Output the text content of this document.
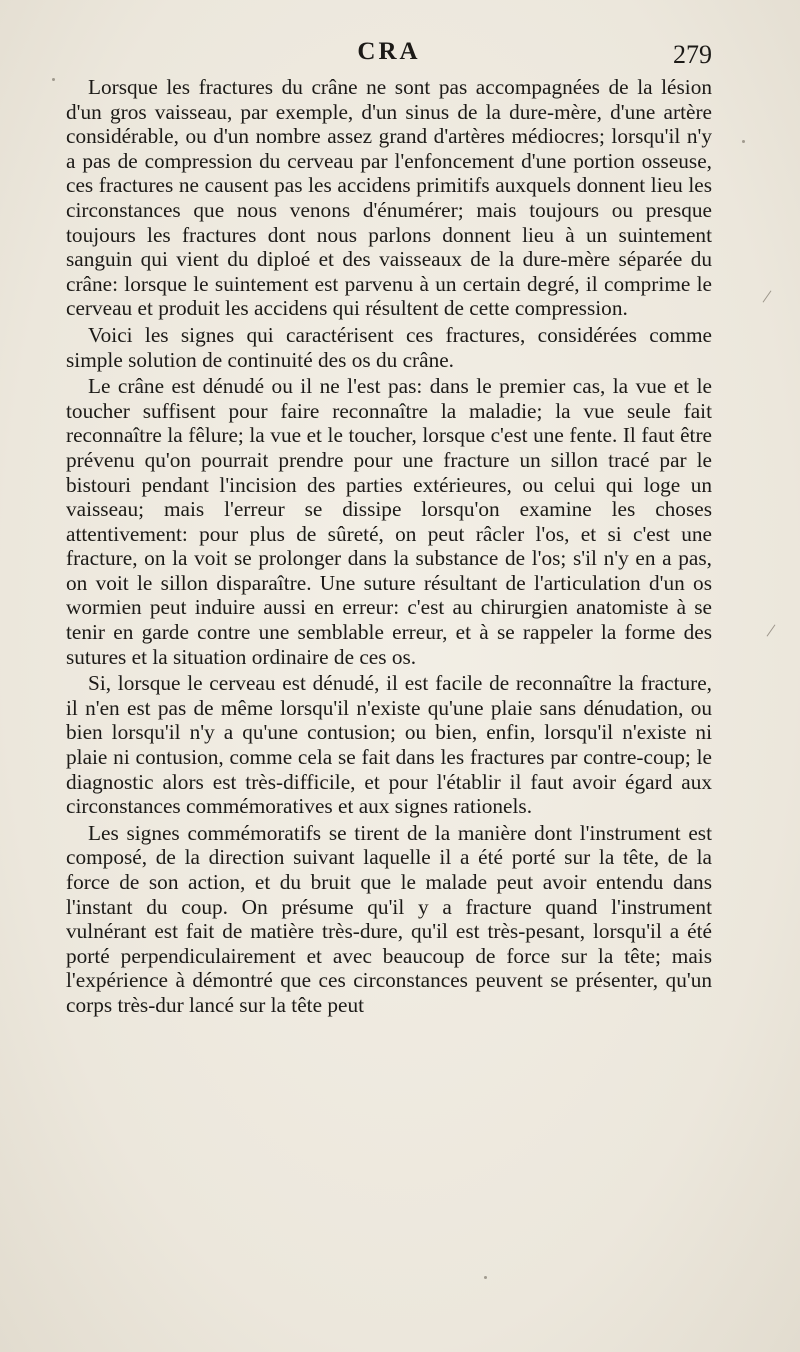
CRA	279

Lorsque les fractures du crâne ne sont pas accompagnées de la lésion d'un gros vaisseau, par exemple, d'un sinus de la dure-mère, d'une artère considérable, ou d'un nombre assez grand d'artères médiocres; lorsqu'il n'y a pas de compression du cerveau par l'enfoncement d'une portion osseuse, ces fractures ne causent pas les accidens primitifs auxquels donnent lieu les circonstances que nous venons d'énumérer; mais toujours ou presque toujours les fractures dont nous parlons donnent lieu à un suintement sanguin qui vient du diploé et des vaisseaux de la dure-mère séparée du crâne: lorsque le suintement est parvenu à un certain degré, il comprime le cerveau et produit les accidens qui résultent de cette compression.

Voici les signes qui caractérisent ces fractures, considérées comme simple solution de continuité des os du crâne.

Le crâne est dénudé ou il ne l'est pas: dans le premier cas, la vue et le toucher suffisent pour faire reconnaître la maladie; la vue seule fait reconnaître la fêlure; la vue et le toucher, lorsque c'est une fente. Il faut être prévenu qu'on pourrait prendre pour une fracture un sillon tracé par le bistouri pendant l'incision des parties extérieures, ou celui qui loge un vaisseau; mais l'erreur se dissipe lorsqu'on examine les choses attentivement: pour plus de sûreté, on peut râcler l'os, et si c'est une fracture, on la voit se prolonger dans la substance de l'os; s'il n'y en a pas, on voit le sillon disparaître. Une suture résultant de l'articulation d'un os wormien peut induire aussi en erreur: c'est au chirurgien anatomiste à se tenir en garde contre une semblable erreur, et à se rappeler la forme des sutures et la situation ordinaire de ces os.

Si, lorsque le cerveau est dénudé, il est facile de reconnaître la fracture, il n'en est pas de même lorsqu'il n'existe qu'une plaie sans dénudation, ou bien lorsqu'il n'y a qu'une contusion; ou bien, enfin, lorsqu'il n'existe ni plaie ni contusion, comme cela se fait dans les fractures par contre-coup; le diagnostic alors est très-difficile, et pour l'établir il faut avoir égard aux circonstances commémoratives et aux signes rationels.

Les signes commémoratifs se tirent de la manière dont l'instrument est composé, de la direction suivant laquelle il a été porté sur la tête, de la force de son action, et du bruit que le malade peut avoir entendu dans l'instant du coup. On présume qu'il y a fracture quand l'instrument vulnérant est fait de matière très-dure, qu'il est très-pesant, lorsqu'il a été porté perpendiculairement et avec beaucoup de force sur la tête; mais l'expérience à démontré que ces circonstances peuvent se présenter, qu'un corps très-dur lancé sur la tête peut
